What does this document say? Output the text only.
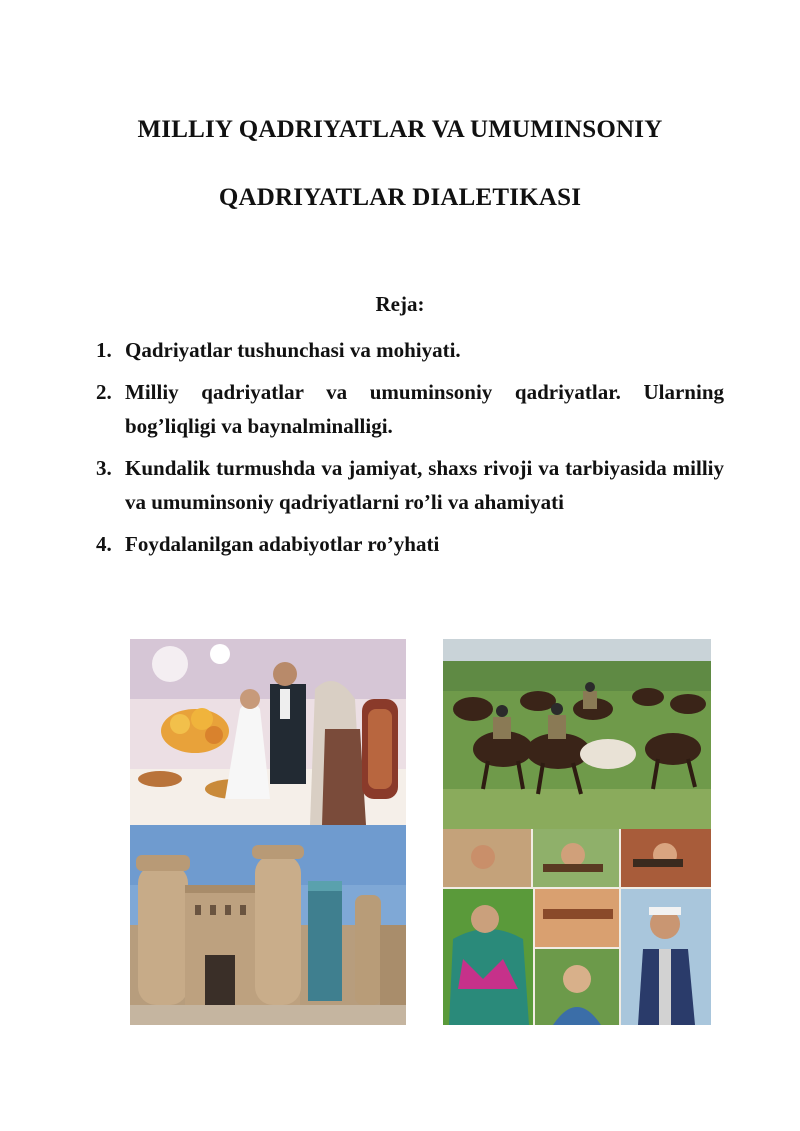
MILLIY QADRIYATLAR VA UMUMINSONIY
QADRIYATLAR DIALETIKASI
Reja:
1. Qadriyatlar tushunchasi va mohiyati.
2. Milliy qadriyatlar va umuminsoniy qadriyatlar. Ularning bog’liqligi va baynalminalligi.
3. Kundalik turmushda va jamiyat, shaxs rivoji va tarbiyasida milliy va umuminsoniy qadriyatlarni ro’li va ahamiyati
4. Foydalanilgan adabiyotlar ro’yhati
